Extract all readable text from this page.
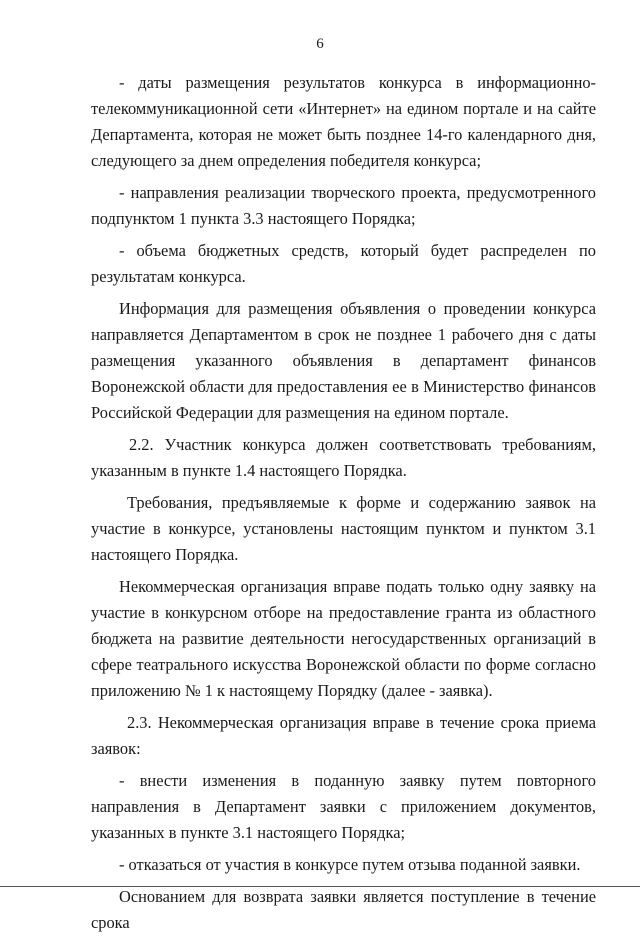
6

- даты размещения результатов конкурса в информационно-телекоммуникационной сети «Интернет» на едином портале и на сайте Департамента, которая не может быть позднее 14-го календарного дня, следующего за днем определения победителя конкурса;

- направления реализации творческого проекта, предусмотренного подпунктом 1 пункта 3.3 настоящего Порядка;

- объема бюджетных средств, который будет распределен по результатам конкурса.

Информация для размещения объявления о проведении конкурса направляется Департаментом в срок не позднее 1 рабочего дня с даты размещения указанного объявления в департамент финансов Воронежской области для предоставления ее в Министерство финансов Российской Федерации для размещения на едином портале.

2.2. Участник конкурса должен соответствовать требованиям, указанным в пункте 1.4 настоящего Порядка.

Требования, предъявляемые к форме и содержанию заявок на участие в конкурсе, установлены настоящим пунктом и пунктом 3.1 настоящего Порядка.

Некоммерческая организация вправе подать только одну заявку на участие в конкурсном отборе на предоставление гранта из областного бюджета на развитие деятельности негосударственных организаций в сфере театрального искусства Воронежской области по форме согласно приложению № 1 к настоящему Порядку (далее - заявка).

2.3. Некоммерческая организация вправе в течение срока приема заявок:

- внести изменения в поданную заявку путем повторного направления в Департамент заявки с приложением документов, указанных в пункте 3.1 настоящего Порядка;

- отказаться от участия в конкурсе путем отзыва поданной заявки.

Основанием для возврата заявки является поступление в течение срока
